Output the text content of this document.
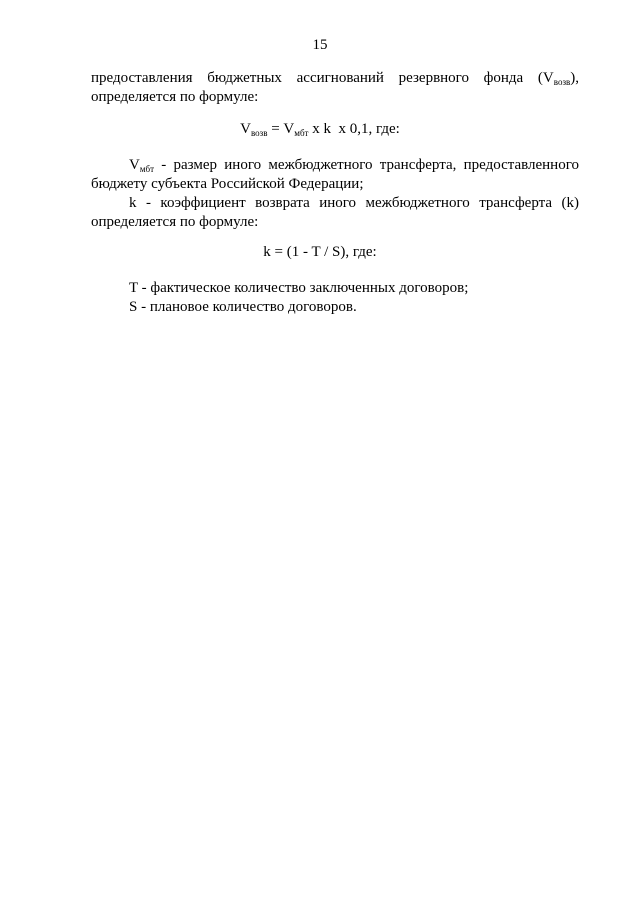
15
предоставления бюджетных ассигнований резервного фонда $(V_{возв})$,
определяется по формуле:
$V_{возв} = V_{мбт}$ x k  x 0,1, где:
$V_{мбт}$ - размер иного межбюджетного трансферта, предоставленного
бюджету субъекта Российской Федерации;
k - коэффициент возврата иного межбюджетного трансферта (k)
определяется по формуле:
k = (1 - T / S), где:
T - фактическое количество заключенных договоров;
S - плановое количество договоров.
